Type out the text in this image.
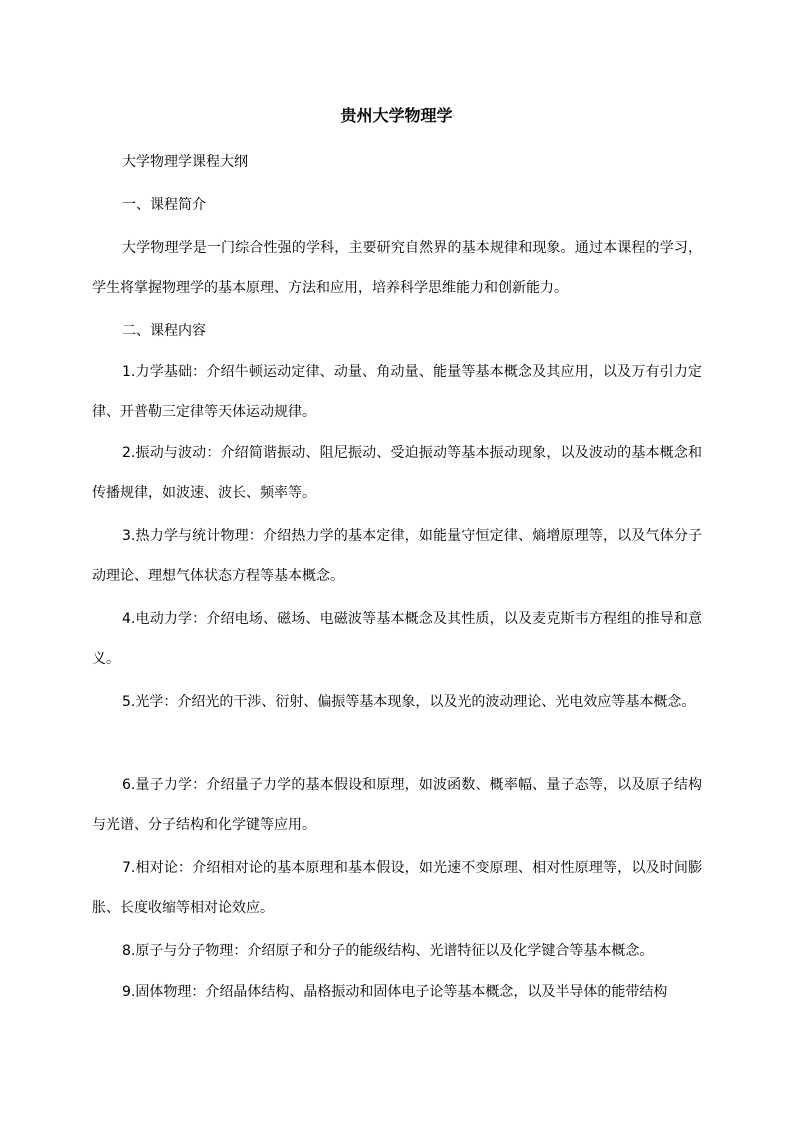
贵州大学物理学
大学物理学课程大纲
一、课程简介
大学物理学是一门综合性强的学科，主要研究自然界的基本规律和现象。通过本课程的学习，学生将掌握物理学的基本原理、方法和应用，培养科学思维能力和创新能力。
二、课程内容
1.力学基础：介绍牛顿运动定律、动量、角动量、能量等基本概念及其应用，以及万有引力定律、开普勒三定律等天体运动规律。
2.振动与波动：介绍简谐振动、阻尼振动、受迫振动等基本振动现象，以及波动的基本概念和传播规律，如波速、波长、频率等。
3.热力学与统计物理：介绍热力学的基本定律，如能量守恒定律、熵增原理等，以及气体分子动理论、理想气体状态方程等基本概念。
4.电动力学：介绍电场、磁场、电磁波等基本概念及其性质，以及麦克斯韦方程组的推导和意义。
5.光学：介绍光的干涉、衍射、偏振等基本现象，以及光的波动理论、光电效应等基本概念。
6.量子力学：介绍量子力学的基本假设和原理，如波函数、概率幅、量子态等，以及原子结构与光谱、分子结构和化学键等应用。
7.相对论：介绍相对论的基本原理和基本假设，如光速不变原理、相对性原理等，以及时间膨胀、长度收缩等相对论效应。
8.原子与分子物理：介绍原子和分子的能级结构、光谱特征以及化学键合等基本概念。
9.固体物理：介绍晶体结构、晶格振动和固体电子论等基本概念，以及半导体的能带结构
